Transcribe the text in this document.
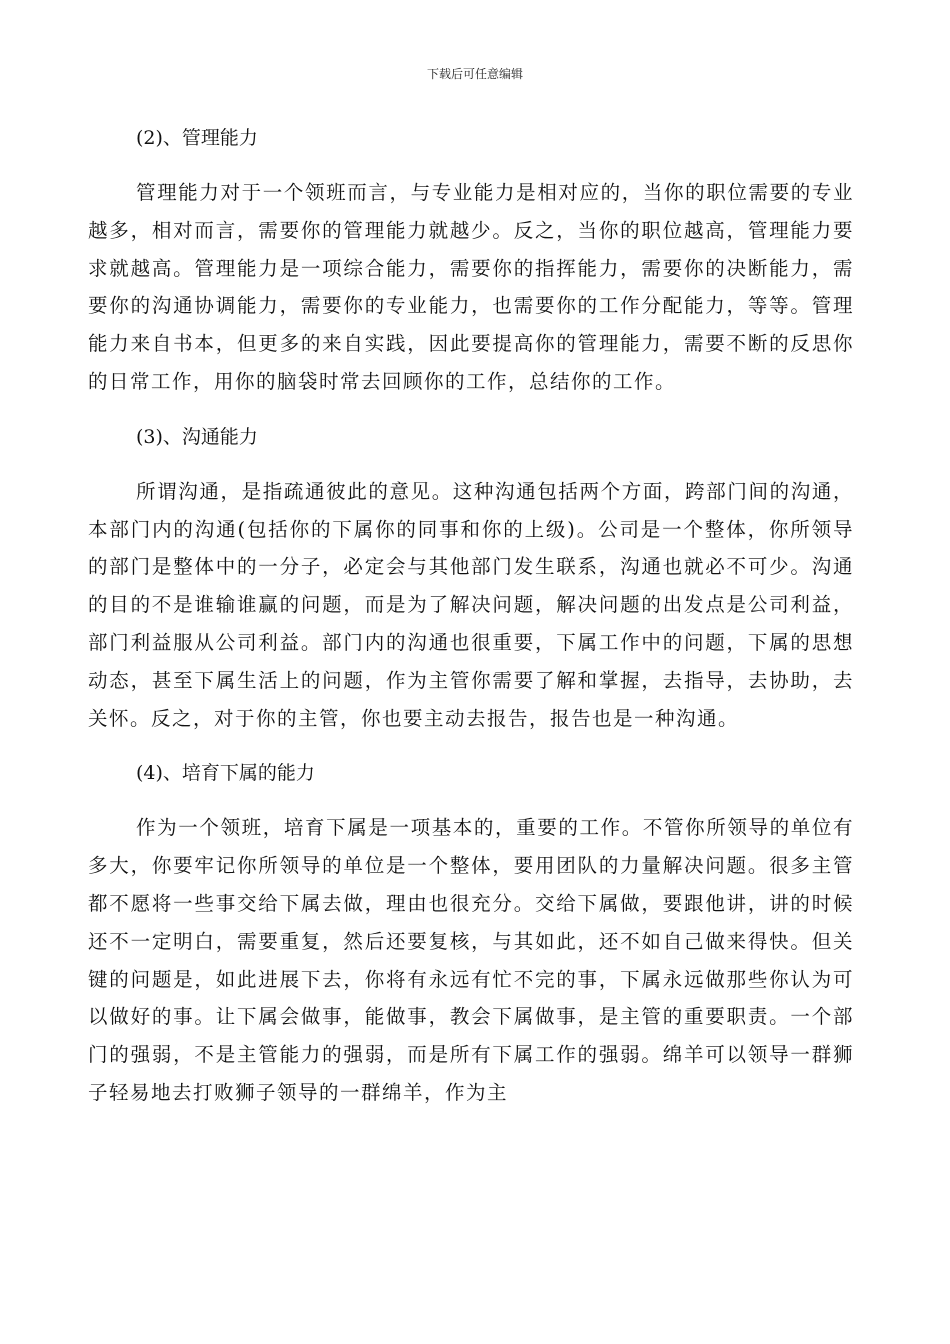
下载后可任意编辑
(2)、管理能力

管理能力对于一个领班而言，与专业能力是相对应的，当你的职位需要的专业越多，相对而言，需要你的管理能力就越少。反之，当你的职位越高，管理能力要求就越高。管理能力是一项综合能力，需要你的指挥能力，需要你的决断能力，需要你的沟通协调能力，需要你的专业能力，也需要你的工作分配能力，等等。管理能力来自书本，但更多的来自实践，因此要提高你的管理能力，需要不断的反思你的日常工作，用你的脑袋时常去回顾你的工作，总结你的工作。

(3)、沟通能力

所谓沟通，是指疏通彼此的意见。这种沟通包括两个方面，跨部门间的沟通，本部门内的沟通(包括你的下属你的同事和你的上级)。公司是一个整体，你所领导的部门是整体中的一分子，必定会与其他部门发生联系，沟通也就必不可少。沟通的目的不是谁输谁赢的问题，而是为了解决问题，解决问题的出发点是公司利益，部门利益服从公司利益。部门内的沟通也很重要，下属工作中的问题，下属的思想动态，甚至下属生活上的问题，作为主管你需要了解和掌握，去指导，去协助，去关怀。反之，对于你的主管，你也要主动去报告，报告也是一种沟通。

(4)、培育下属的能力

作为一个领班，培育下属是一项基本的，重要的工作。不管你所领导的单位有多大，你要牢记你所领导的单位是一个整体，要用团队的力量解决问题。很多主管都不愿将一些事交给下属去做，理由也很充分。交给下属做，要跟他讲，讲的时候还不一定明白，需要重复，然后还要复核，与其如此，还不如自己做来得快。但关键的问题是，如此进展下去，你将有永远有忙不完的事，下属永远做那些你认为可以做好的事。让下属会做事，能做事，教会下属做事，是主管的重要职责。一个部门的强弱，不是主管能力的强弱，而是所有下属工作的强弱。绵羊可以领导一群狮子轻易地去打败狮子领导的一群绵羊，作为主
